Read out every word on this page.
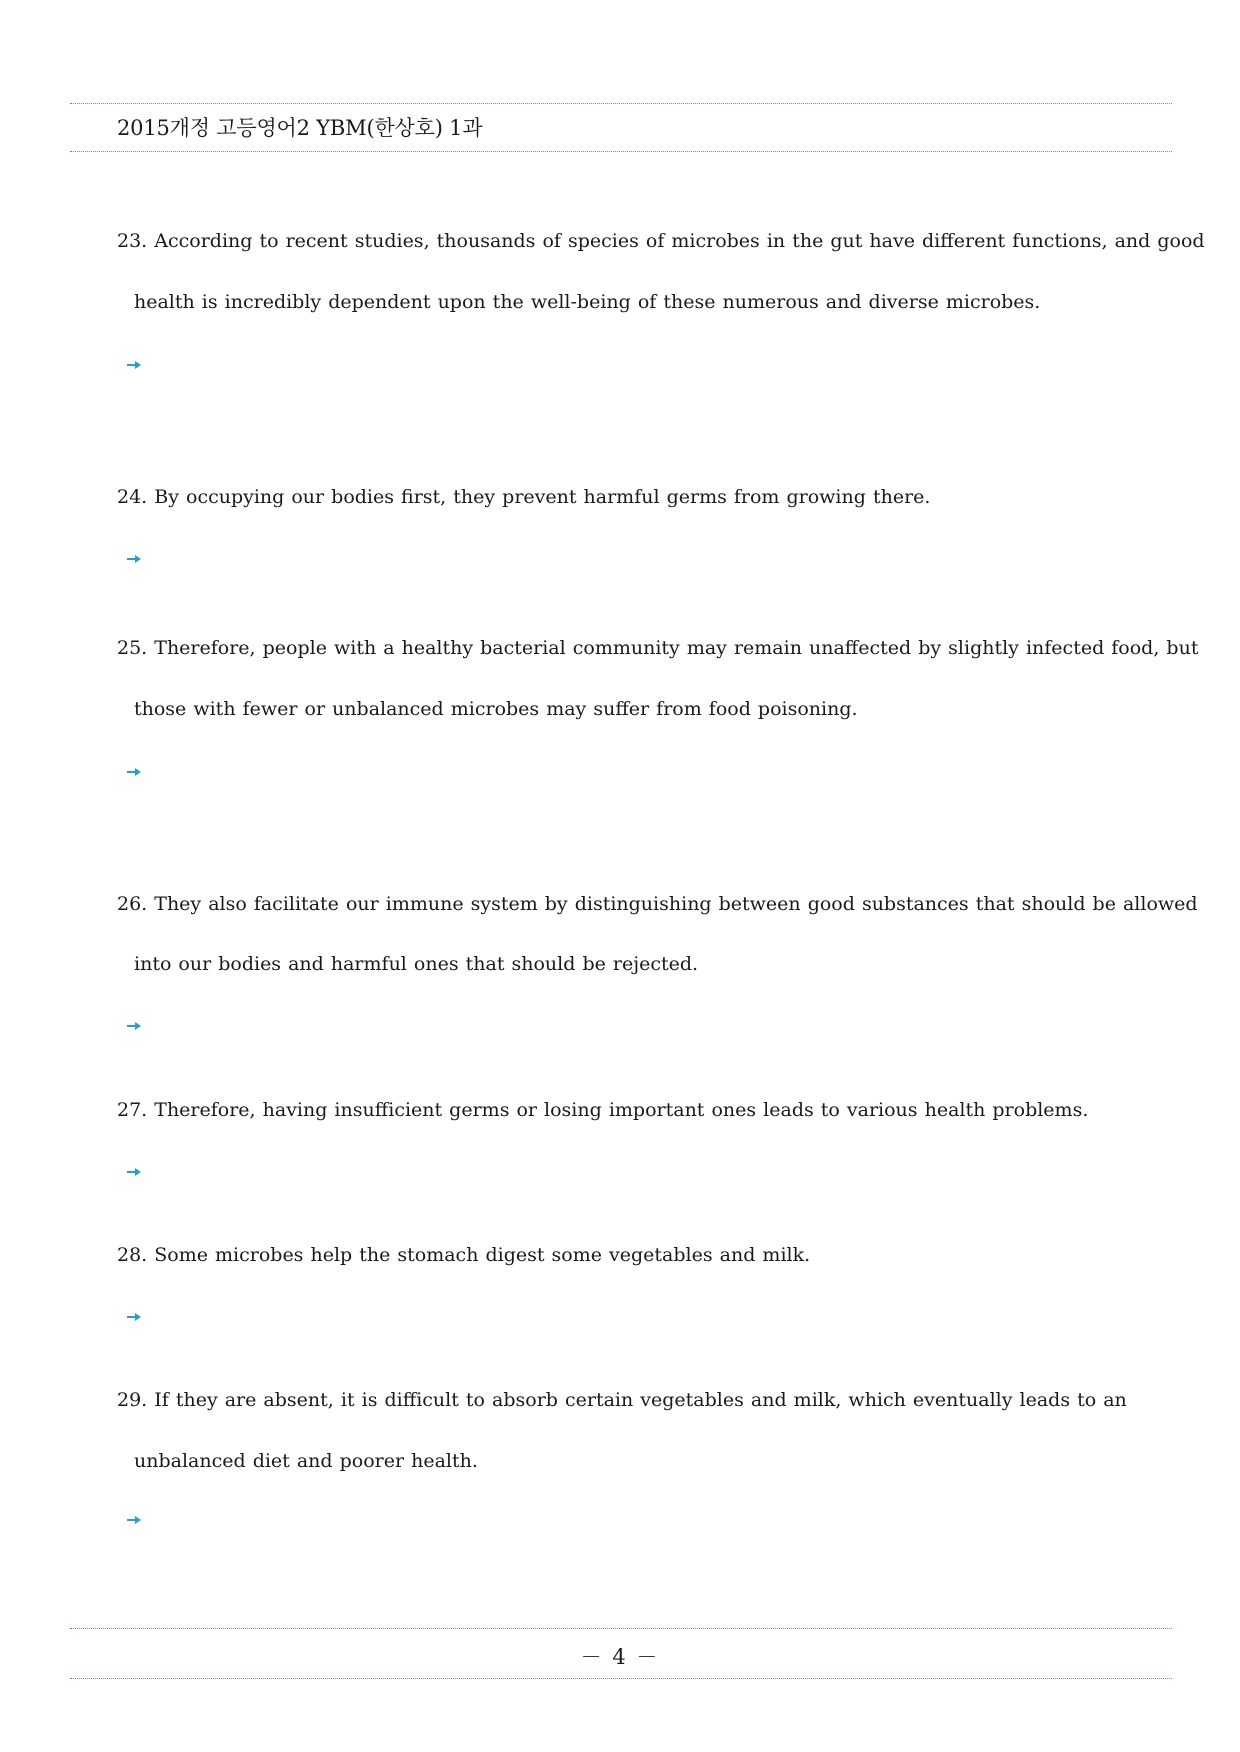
2015개정 고등영어2 YBM(한상호) 1과
23. According to recent studies, thousands of species of microbes in the gut have different functions, and good
health is incredibly dependent upon the well-being of these numerous and diverse microbes.
24. By occupying our bodies first, they prevent harmful germs from growing there.
25. Therefore, people with a healthy bacterial community may remain unaffected by slightly infected food, but
those with fewer or unbalanced microbes may suffer from food poisoning.
26. They also facilitate our immune system by distinguishing between good substances that should be allowed
into our bodies and harmful ones that should be rejected.
27. Therefore, having insufficient germs or losing important ones leads to various health problems.
28. Some microbes help the stomach digest some vegetables and milk.
29. If they are absent, it is difficult to absorb certain vegetables and milk, which eventually leads to an
unbalanced diet and poorer health.
－ 4 －
